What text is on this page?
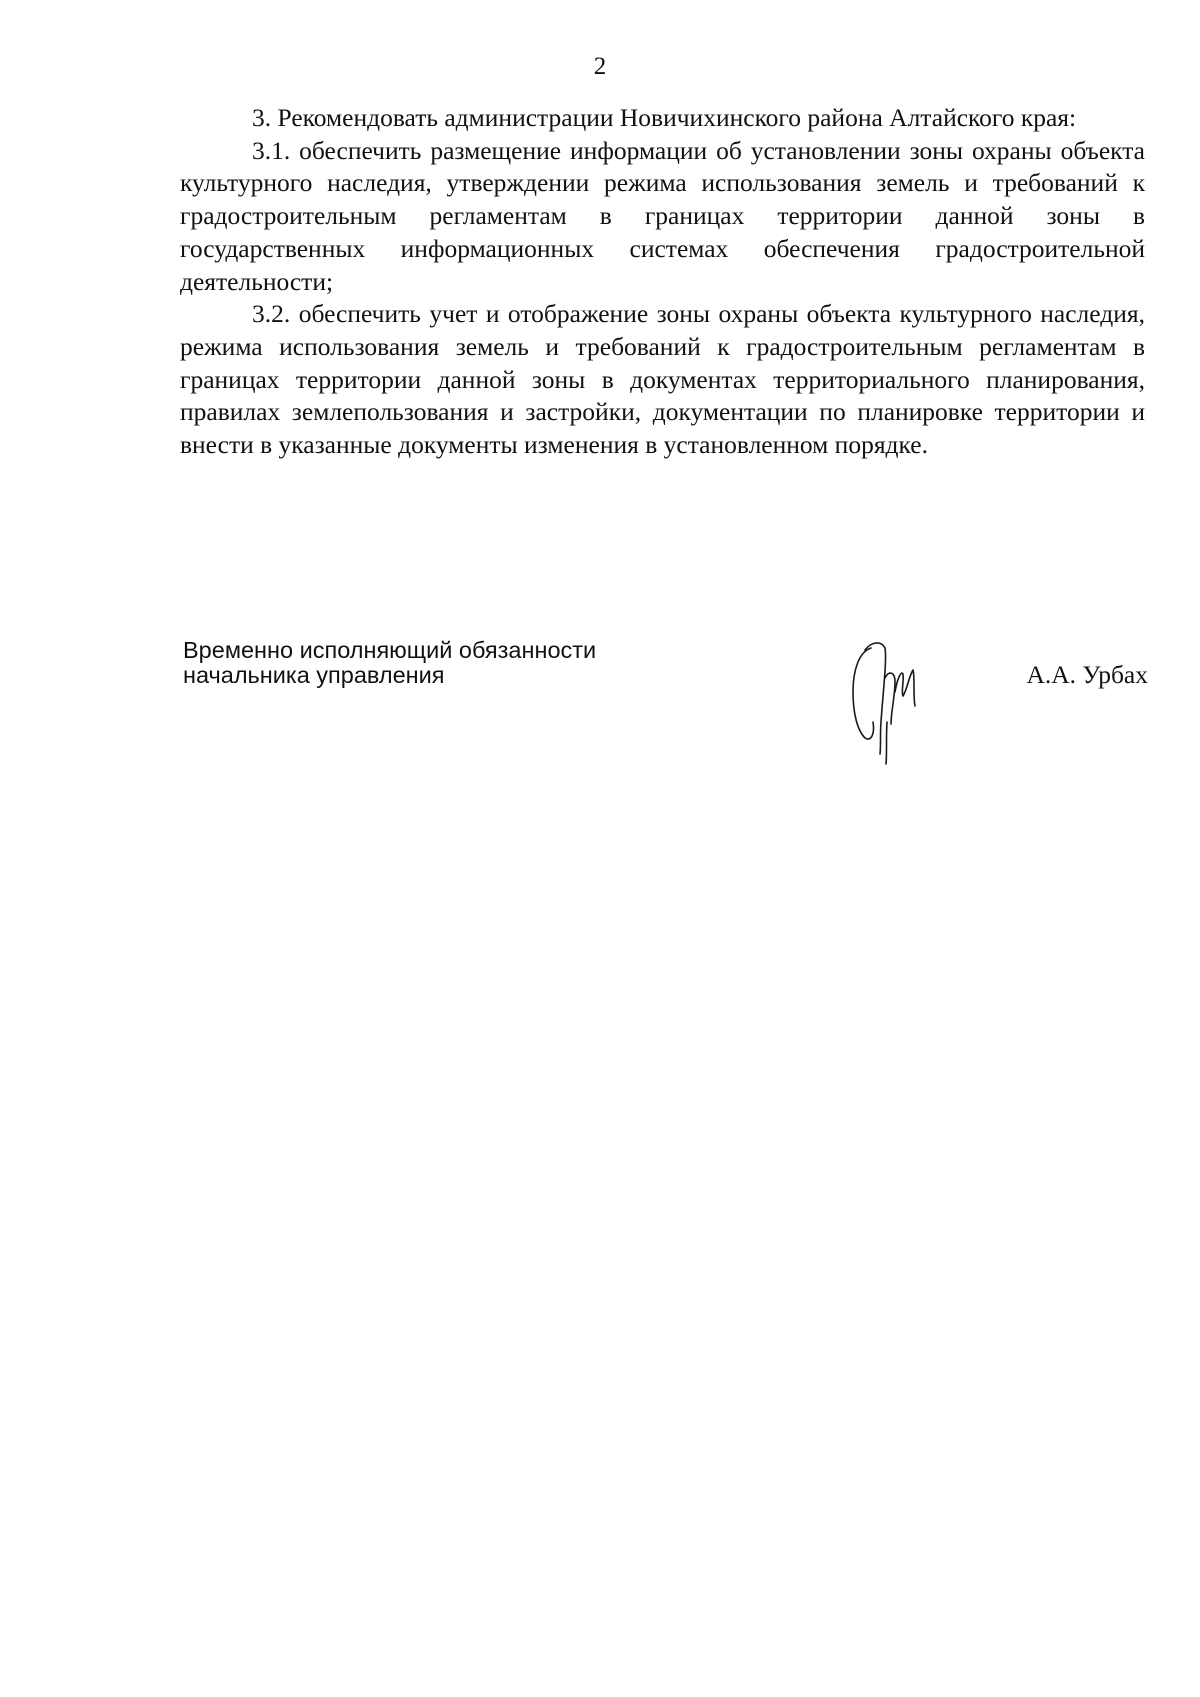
2

3. Рекомендовать администрации Новичихинского района Алтайского края:

3.1. обеспечить размещение информации об установлении зоны охраны объекта культурного наследия, утверждении режима использования земель и требований к градостроительным регламентам в границах территории данной зоны в государственных информационных системах обеспечения градостроительной деятельности;

3.2. обеспечить учет и отображение зоны охраны объекта культурного наследия, режима использования земель и требований к градостроительным регламентам в границах территории данной зоны в документах территориального планирования, правилах землепользования и застройки, документации по планировке территории и внести в указанные документы изменения в установленном порядке.

Временно исполняющий обязанности
начальника управления	А.А. Урбах
